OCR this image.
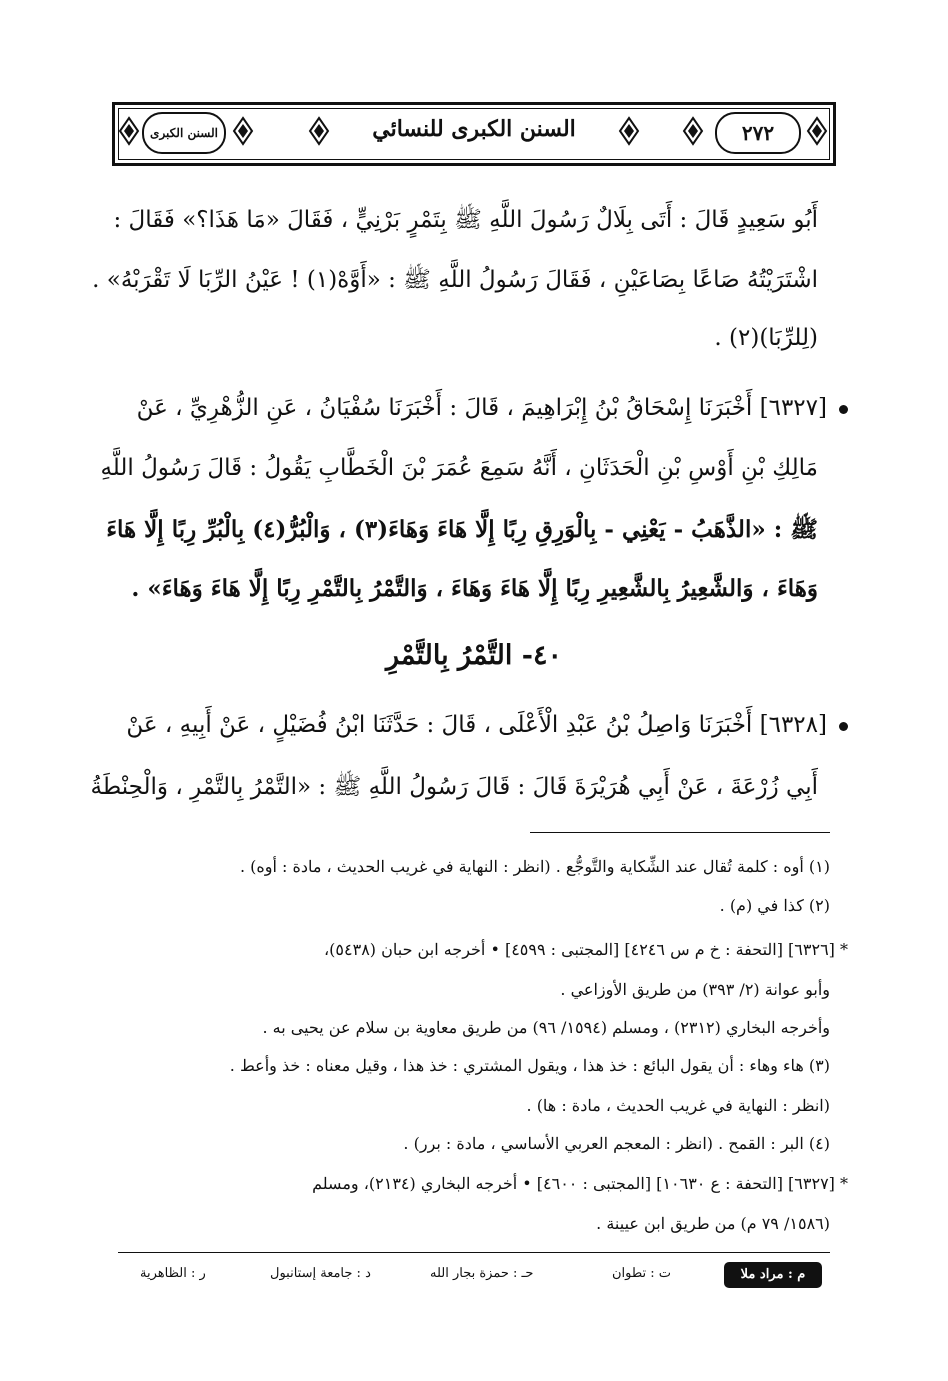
السنن الكبرى	السنن الكبرى للنسائي	٢٧٢
أَبُو سَعِيدٍ قَالَ : أَتَى بِلَالٌ رَسُولَ اللَّهِ ﷺ بِتَمْرٍ بَرْنِيٍّ ، فَقَالَ «مَا هَذَا؟» فَقَالَ :
اشْتَرَيْتُهُ صَاعًا بِصَاعَيْنِ ، فَقَالَ رَسُولُ اللَّهِ ﷺ : «أَوَّهْ(١) ! عَيْنُ الرِّبَا لَا تَقْرَبْهُ» .
(لِلرِّبَا)(٢) .
[٦٣٢٧] أَخْبَرَنَا إِسْحَاقُ بْنُ إِبْرَاهِيمَ ، قَالَ : أَخْبَرَنَا سُفْيَانُ ، عَنِ الزُّهْرِيِّ ، عَنْ
مَالِكِ بْنِ أَوْسِ بْنِ الْحَدَثَانِ ، أَنَّهُ سَمِعَ عُمَرَ بْنَ الْخَطَّابِ يَقُولُ : قَالَ رَسُولُ اللَّهِ
ﷺ : «الذَّهَبُ - يَعْنِي - بِالْوَرِقِ رِبًا إِلَّا هَاءَ وَهَاءَ(٣) ، وَالْبُرُّ(٤) بِالْبُرِّ رِبًا إِلَّا هَاءَ
وَهَاءَ ، وَالشَّعِيرُ بِالشَّعِيرِ رِبًا إِلَّا هَاءَ وَهَاءَ ، وَالتَّمْرُ بِالتَّمْرِ رِبًا إِلَّا هَاءَ وَهَاءَ» .
٤٠- التَّمْرُ بِالتَّمْرِ
[٦٣٢٨] أَخْبَرَنَا وَاصِلُ بْنُ عَبْدِ الْأَعْلَى ، قَالَ : حَدَّثَنَا ابْنُ فُضَيْلٍ ، عَنْ أَبِيهِ ، عَنْ
أَبِي زُرْعَةَ ، عَنْ أَبِي هُرَيْرَةَ قَالَ : قَالَ رَسُولُ اللَّهِ ﷺ : «التَّمْرُ بِالتَّمْرِ ، وَالْحِنْطَةُ
(١) أوه : كلمة تُقال عند الشِّكاية والتَّوجُّع . (انظر : النهاية في غريب الحديث ، مادة : أوه) .
(٢) كذا في (م) .
* [٦٣٢٦] [التحفة : خ م س ٤٢٤٦] [المجتبى : ٤٥٩٩] • أخرجه ابن حبان (٥٤٣٨)،
وأبو عوانة (٢/ ٣٩٣) من طريق الأوزاعي .
وأخرجه البخاري (٢٣١٢) ، ومسلم (١٥٩٤/ ٩٦) من طريق معاوية بن سلام عن يحيى به .
(٣) هاء وهاء : أن يقول البائع : خذ هذا ، ويقول المشتري : خذ هذا ، وقيل معناه : خذ وأعط .
(انظر : النهاية في غريب الحديث ، مادة : ها) .
(٤) البر : القمح . (انظر : المعجم العربي الأساسي ، مادة : برر) .
* [٦٣٢٧] [التحفة : ع ١٠٦٣٠] [المجتبى : ٤٦٠٠] • أخرجه البخاري (٢١٣٤)، ومسلم
(١٥٨٦/ ٧٩ م) من طريق ابن عيينة .
م : مراد ملا
ت : تطوان
حـ : حمزة بجار الله
د : جامعة إستانبول
ر : الظاهرية
